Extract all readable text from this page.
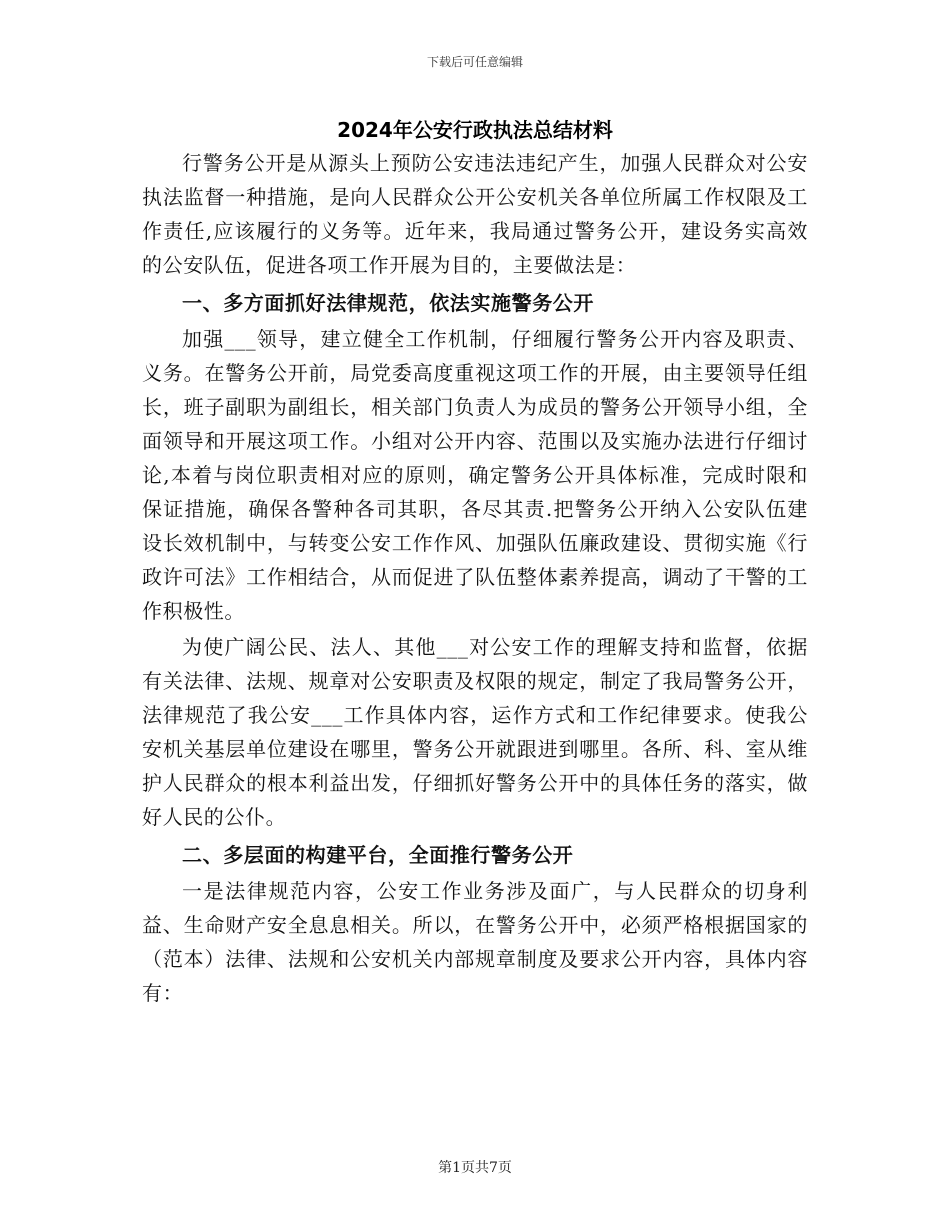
下载后可任意编辑
2024年公安行政执法总结材料

行警务公开是从源头上预防公安违法违纪产生，加强人民群众对公安执法监督一种措施，是向人民群众公开公安机关各单位所属工作权限及工作责任,应该履行的义务等。近年来，我局通过警务公开，建设务实高效的公安队伍，促进各项工作开展为目的，主要做法是：

一、多方面抓好法律规范，依法实施警务公开

加强___领导，建立健全工作机制，仔细履行警务公开内容及职责、义务。在警务公开前，局党委高度重视这项工作的开展，由主要领导任组长，班子副职为副组长，相关部门负责人为成员的警务公开领导小组，全面领导和开展这项工作。小组对公开内容、范围以及实施办法进行仔细讨论,本着与岗位职责相对应的原则，确定警务公开具体标准，完成时限和保证措施，确保各警种各司其职，各尽其责.把警务公开纳入公安队伍建设长效机制中，与转变公安工作作风、加强队伍廉政建设、贯彻实施《行政许可法》工作相结合，从而促进了队伍整体素养提高，调动了干警的工作积极性。

为使广阔公民、法人、其他___对公安工作的理解支持和监督，依据有关法律、法规、规章对公安职责及权限的规定，制定了我局警务公开，法律规范了我公安___工作具体内容，运作方式和工作纪律要求。使我公安机关基层单位建设在哪里，警务公开就跟进到哪里。各所、科、室从维护人民群众的根本利益出发，仔细抓好警务公开中的具体任务的落实，做好人民的公仆。

二、多层面的构建平台，全面推行警务公开

一是法律规范内容，公安工作业务涉及面广，与人民群众的切身利益、生命财产安全息息相关。所以，在警务公开中，必须严格根据国家的（范本）法律、法规和公安机关内部规章制度及要求公开内容，具体内容有：

第1页共7页
